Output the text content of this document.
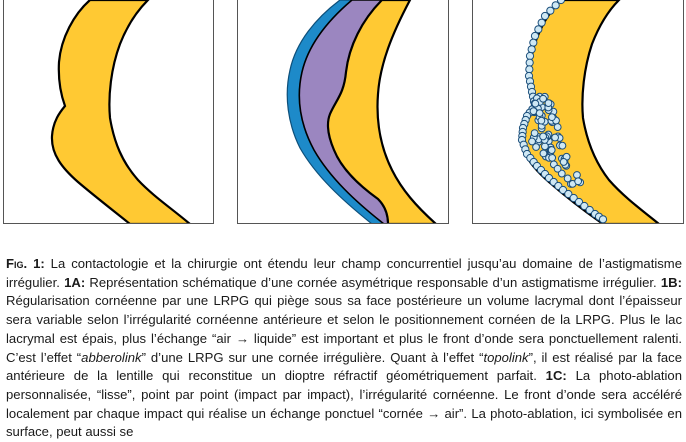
Fig. 1: La contactologie et la chirurgie ont étendu leur champ concurrentiel jusqu’au domaine de l’astigmatisme irrégulier. 1A: Représentation schématique d’une cornée asymétrique responsable d’un astigmatisme irrégulier. 1B: Régularisation cornéenne par une LRPG qui piège sous sa face postérieure un volume lacrymal dont l’épaisseur sera variable selon l’irrégularité cornéenne antérieure et selon le positionnement cornéen de la LRPG. Plus le lac lacrymal est épais, plus l’échange “air → liquide” est important et plus le front d’onde sera ponctuellement ralenti. C’est l’effet “abberolink” d’une LRPG sur une cornée irrégulière. Quant à l’effet “topolink”, il est réalisé par la face antérieure de la lentille qui reconstitue un dioptre réfractif géométriquement parfait. 1C: La photo-ablation personnalisée, “lisse”, point par point (impact par impact), l’irrégularité cornéenne. Le front d’onde sera accéléré localement par chaque impact qui réalise un échange ponctuel “cornée → air”. La photo-ablation, ici symbolisée en surface, peut aussi se
